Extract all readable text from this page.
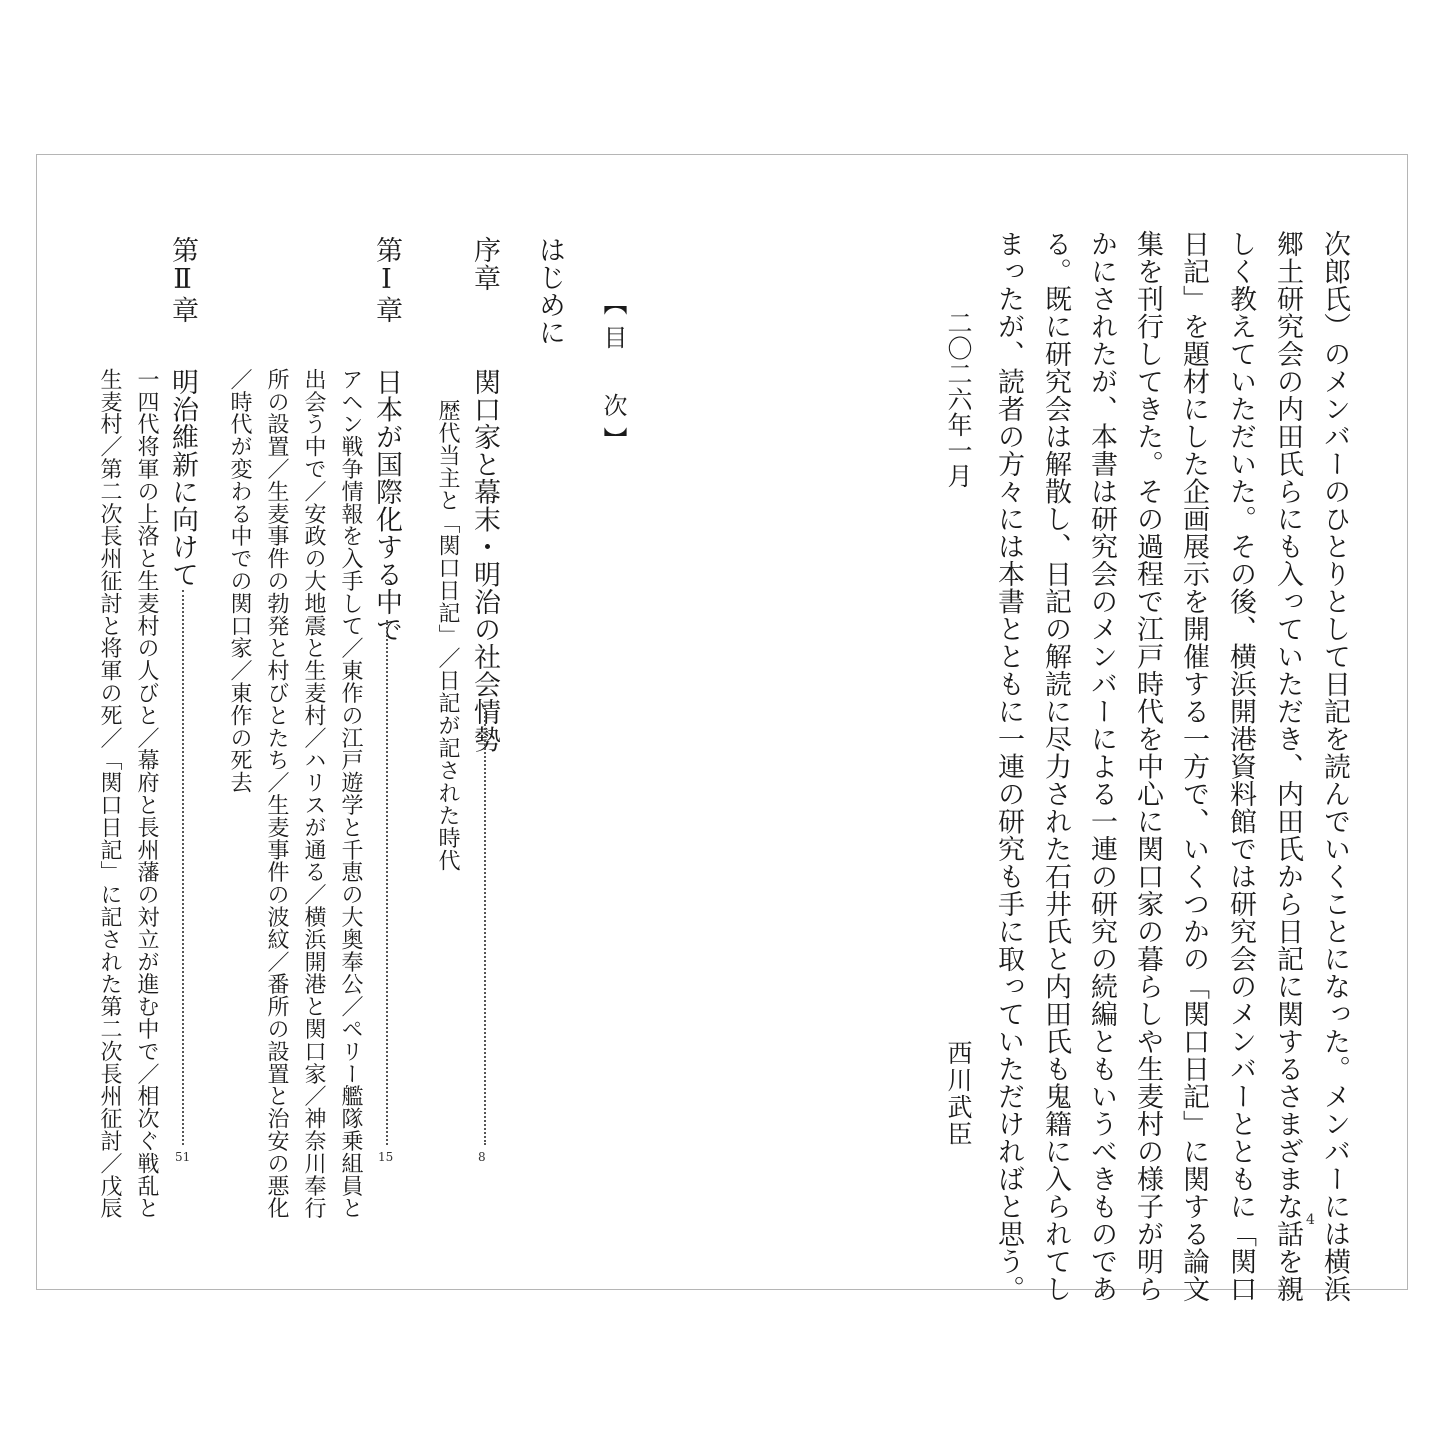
次郎氏）のメンバーのひとりとして日記を読んでいくことになった。メンバーには横浜
郷土研究会の内田氏らにも入っていただき、内田氏から日記に関するさまざまな話を親
しく教えていただいた。その後、横浜開港資料館では研究会のメンバーとともに「関口
日記」を題材にした企画展示を開催する一方で、いくつかの「関口日記」に関する論文
集を刊行してきた。その過程で江戸時代を中心に関口家の暮らしや生麦村の様子が明ら
かにされたが、本書は研究会のメンバーによる一連の研究の続編ともいうべきものであ
る。既に研究会は解散し、日記の解読に尽力された石井氏と内田氏も鬼籍に入られてし
まったが、読者の方々には本書とともに一連の研究も手に取っていただければと思う。
二〇二六年一月
西川武臣
4
【目　次】
はじめに
序章
関口家と幕末・明治の社会情勢
8
歴代当主と「関口日記」／日記が記された時代
第Ⅰ章
日本が国際化する中で
15
アヘン戦争情報を入手して／東作の江戸遊学と千恵の大奥奉公／ペリー艦隊乗組員と
出会う中で／安政の大地震と生麦村／ハリスが通る／横浜開港と関口家／神奈川奉行
所の設置／生麦事件の勃発と村びとたち／生麦事件の波紋／番所の設置と治安の悪化
／時代が変わる中での関口家／東作の死去
第Ⅱ章
明治維新に向けて
51
一四代将軍の上洛と生麦村の人びと／幕府と長州藩の対立が進む中で／相次ぐ戦乱と
生麦村／第二次長州征討と将軍の死／「関口日記」に記された第二次長州征討／戊辰
